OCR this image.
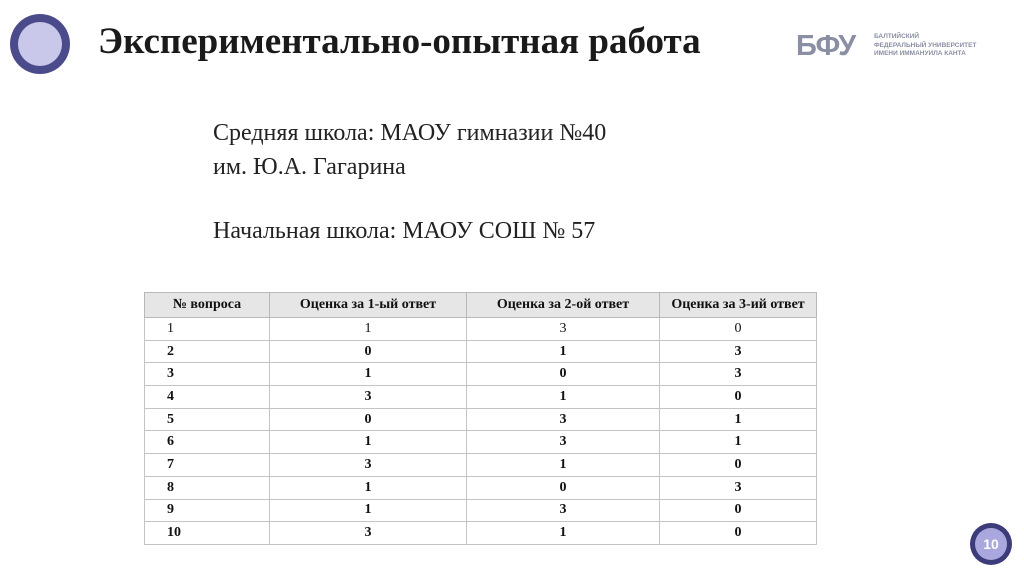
Экспериментально-опытная работа	БФУ	БАЛТИЙСКИЙ
ФЕДЕРАЛЬНЫЙ УНИВЕРСИТЕТ
ИМЕНИ ИММАНУИЛА КАНТА
Средняя школа: МАОУ гимназии №40
им. Ю.А. Гагарина
Начальная школа: МАОУ СОШ № 57
№ вопроса	Оценка за 1-ый ответ	Оценка за 2-ой ответ	Оценка за 3-ий ответ
1	1	3	0
2	0	1	3
3	1	0	3
4	3	1	0
5	0	3	1
6	1	3	1
7	3	1	0
8	1	0	3
9	1	3	0
10	3	1	0
10
